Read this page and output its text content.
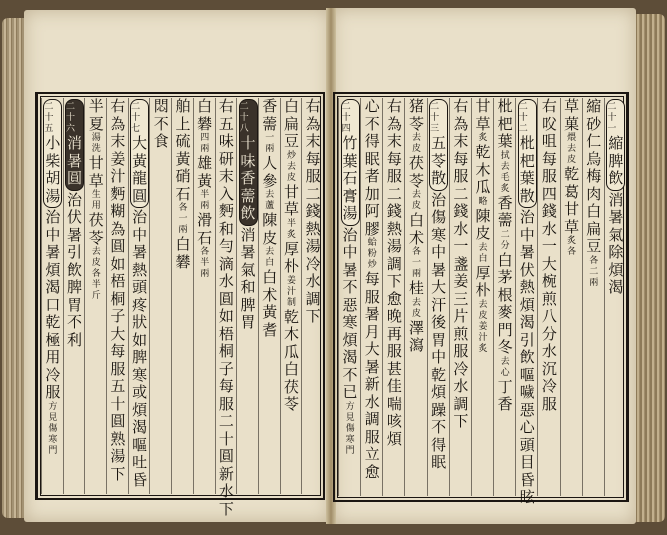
右
為
末
每
服
二
錢
熱
湯
冷
水
調
下
白
扁
豆
炒
去
皮
甘
草
半
炙
厚
朴
姜
汁
制
乾
木
瓜
白
茯
苓
香
薷
一
兩
人
參
去
蘆
陳
皮
去
白
白
术
黃
耆
二
十
八
十
味
香
薷
飲
消
暑
氣
和
脾
胃
右
五
味
研
末
入
麪
和
勻
滴
水
圓
如
梧
桐
子
每
服
二
十
圓
新
水
下
白
礬
四
兩
雄
黃
半
兩
滑
石
各
半
兩
舶
上
硫
黃
硝
石
各
一
兩
白
礬
悶
不
食
二
十
七
大
黃
龍
圓
治
中
暑
熱
頭
疼
狀
如
脾
寒
或
煩
渴
嘔
吐
昏
右
為
末
姜
汁
麪
糊
為
圓
如
梧
桐
子
大
每
服
五
十
圓
熟
湯
下
半
夏
湯
洗
甘
草
生
用
茯
苓
去
皮
各
半
斤
二
十
六
消
暑
圓
治
伏
暑
引
飲
脾
胃
不
利
二
十
五
小
柴
胡
湯
治
中
暑
煩
渴
口
乾
極
用
冷
服
方
見
傷
寒
門
二
十
一
縮
脾
飲
消
暑
氣
除
煩
渴
縮
砂
仁
烏
梅
肉
白
扁
豆
各
二
兩
草
菓
煨
去
皮
乾
葛
甘
草
炙
各
右
㕮
咀
每
服
四
錢
水
一
大
椀
煎
八
分
水
沉
冷
服
二
十
二
枇
杷
葉
散
治
中
暑
伏
熱
煩
渴
引
飲
嘔
噦
惡
心
頭
目
昏
眩
枇
杷
葉
拭
去
毛
炙
香
薷
二
分
白
茅
根
麥
門
冬
去
心
丁
香
甘
草
炙
乾
木
瓜
略
陳
皮
去
白
厚
朴
去
皮
姜
汁
炙
右
為
末
每
服
二
錢
水
一
盞
姜
三
片
煎
服
冷
水
調
下
二
十
三
五
苓
散
治
傷
寒
中
暑
大
汗
後
胃
中
乾
煩
躁
不
得
眠
猪
苓
去
皮
茯
苓
去
皮
白
术
各
一
兩
桂
去
皮
澤
瀉
右
為
末
每
服
二
錢
熱
湯
調
下
愈
晚
再
服
甚
佳
喘
咳
煩
心
不
得
眠
者
加
阿
膠
蛤
粉
炒
每
服
暑
月
大
暑
新
水
調
服
立
愈
二
十
四
竹
葉
石
膏
湯
治
中
暑
不
惡
寒
煩
渴
不
已
方
見
傷
寒
門
